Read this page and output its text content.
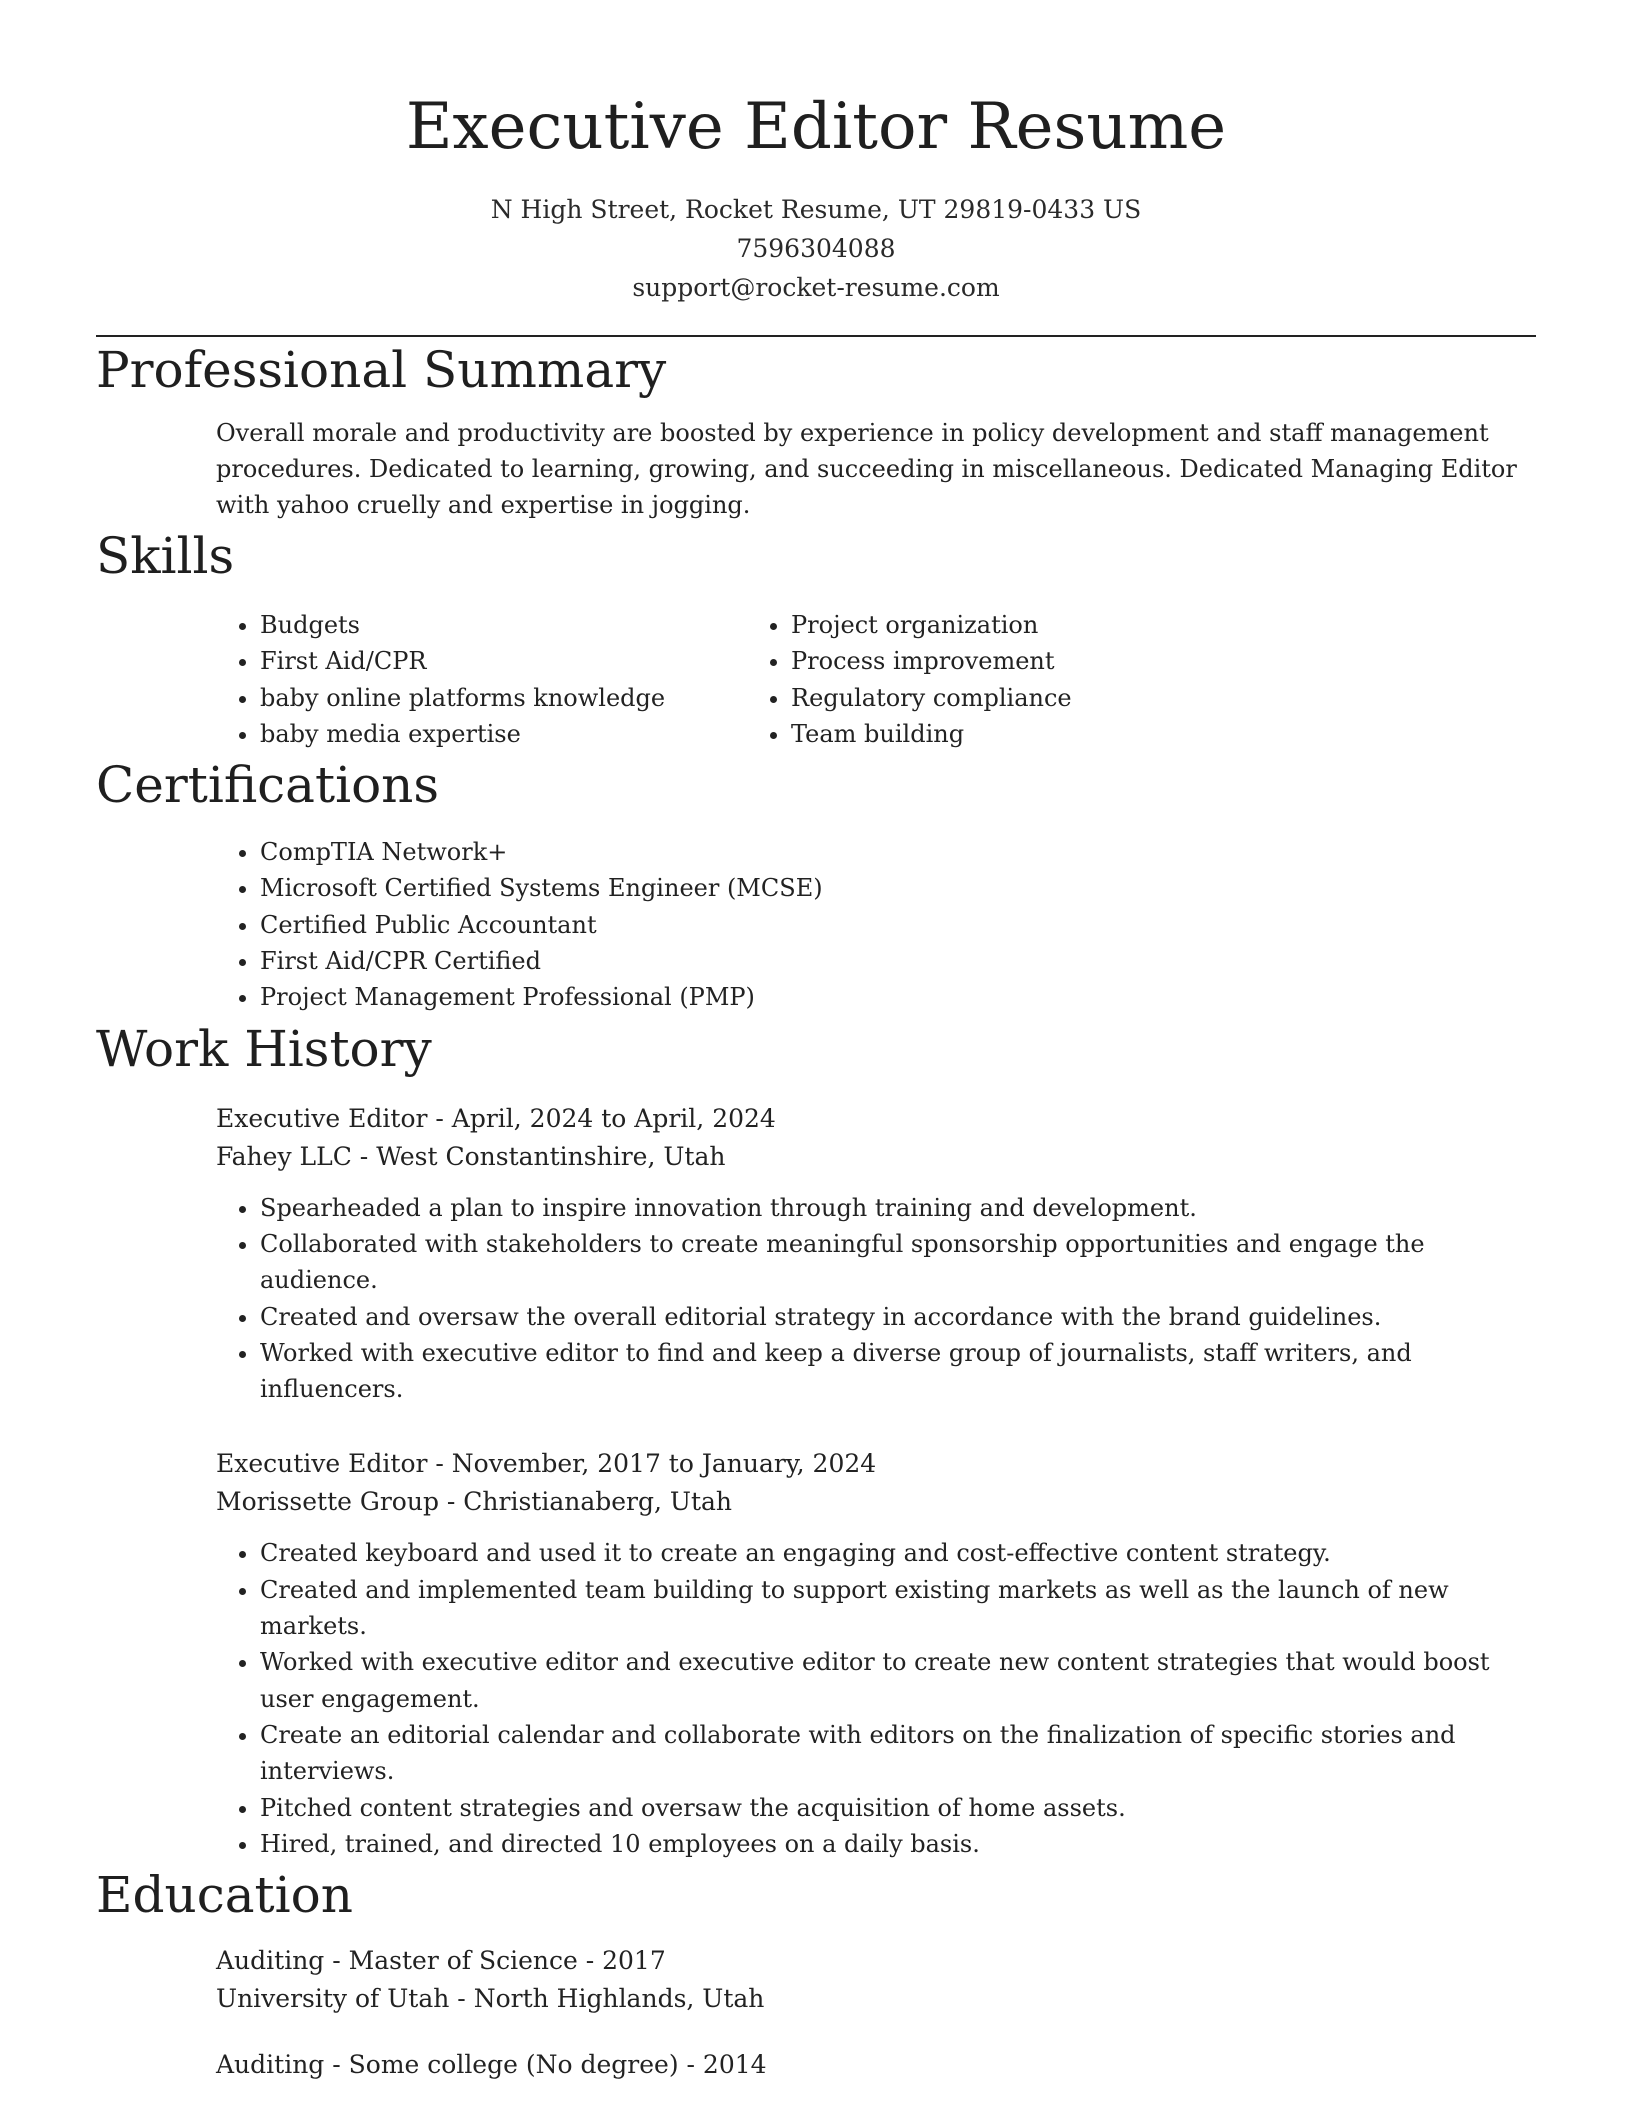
Executive Editor Resume
N High Street, Rocket Resume, UT 29819-0433 US
7596304088
support@rocket-resume.com
Professional Summary
Overall morale and productivity are boosted by experience in policy development and staff management procedures. Dedicated to learning, growing, and succeeding in miscellaneous. Dedicated Managing Editor with yahoo cruelly and expertise in jogging.
Skills
• Budgets
• First Aid/CPR
• baby online platforms knowledge
• baby media expertise
• Project organization
• Process improvement
• Regulatory compliance
• Team building
Certifications
• CompTIA Network+
• Microsoft Certified Systems Engineer (MCSE)
• Certified Public Accountant
• First Aid/CPR Certified
• Project Management Professional (PMP)
Work History
Executive Editor - April, 2024 to April, 2024
Fahey LLC - West Constantinshire, Utah
• Spearheaded a plan to inspire innovation through training and development.
• Collaborated with stakeholders to create meaningful sponsorship opportunities and engage the audience.
• Created and oversaw the overall editorial strategy in accordance with the brand guidelines.
• Worked with executive editor to find and keep a diverse group of journalists, staff writers, and influencers.
Executive Editor - November, 2017 to January, 2024
Morissette Group - Christianaberg, Utah
• Created keyboard and used it to create an engaging and cost-effective content strategy.
• Created and implemented team building to support existing markets as well as the launch of new markets.
• Worked with executive editor and executive editor to create new content strategies that would boost user engagement.
• Create an editorial calendar and collaborate with editors on the finalization of specific stories and interviews.
• Pitched content strategies and oversaw the acquisition of home assets.
• Hired, trained, and directed 10 employees on a daily basis.
Education
Auditing - Master of Science - 2017
University of Utah - North Highlands, Utah
Auditing - Some college (No degree) - 2014
